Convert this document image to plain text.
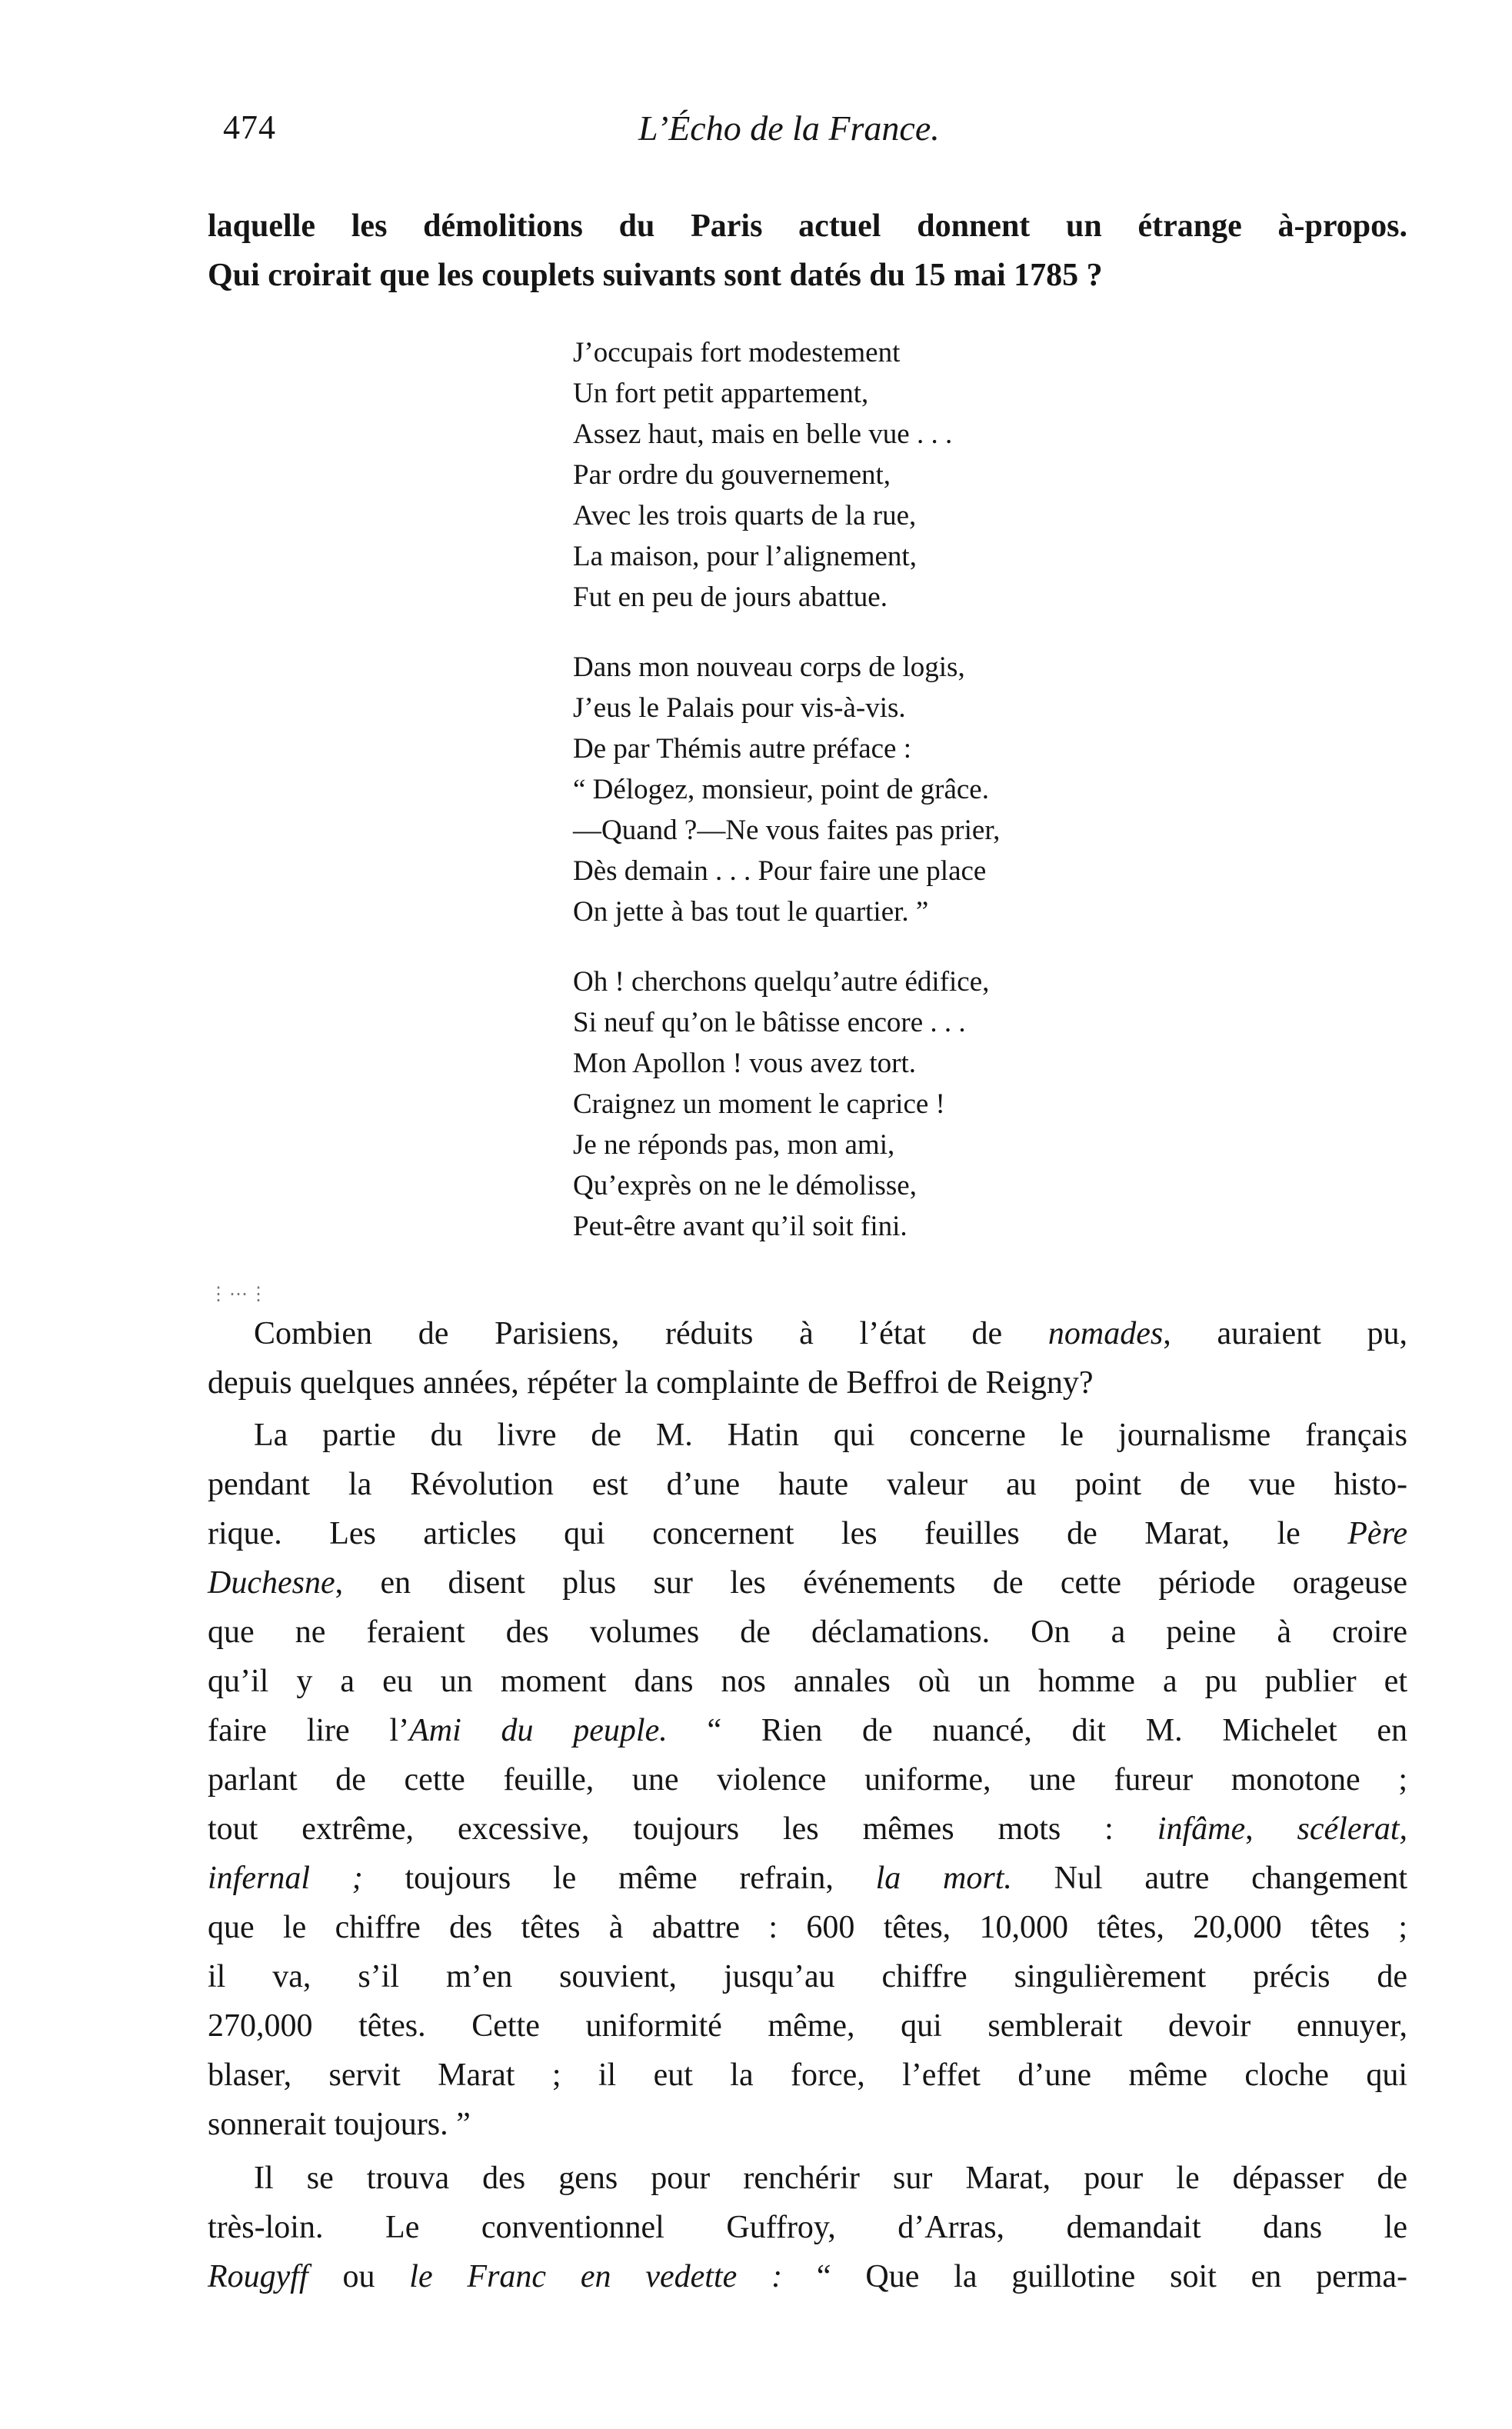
474	L’Écho de la France.
laquelle les démolitions du Paris actuel donnent un étrange à-propos.
Qui croirait que les couplets suivants sont datés du 15 mai 1785 ?
J’occupais fort modestement
Un fort petit appartement,
Assez haut, mais en belle vue . . .
Par ordre du gouvernement,
Avec les trois quarts de la rue,
La maison, pour l’alignement,
Fut en peu de jours abattue.
Dans mon nouveau corps de logis,
J’eus le Palais pour vis-à-vis.
De par Thémis autre préface :
“ Délogez, monsieur, point de grâce.
—Quand ?—Ne vous faites pas prier,
Dès demain . . . Pour faire une place
On jette à bas tout le quartier. ”
Oh ! cherchons quelqu’autre édifice,
Si neuf qu’on le bâtisse encore . . .
Mon Apollon ! vous avez tort.
Craignez un moment le caprice !
Je ne réponds pas, mon ami,
Qu’exprès on ne le démolisse,
Peut-être avant qu’il soit fini.
⋮⋯⋮
Combien de Parisiens, réduits à l’état de nomades, auraient pu,
depuis quelques années, répéter la complainte de Beffroi de Reigny?
La partie du livre de M. Hatin qui concerne le journalisme français
pendant la Révolution est d’une haute valeur au point de vue histo-
rique. Les articles qui concernent les feuilles de Marat, le Père
Duchesne, en disent plus sur les événements de cette période orageuse
que ne feraient des volumes de déclamations. On a peine à croire
qu’il y a eu un moment dans nos annales où un homme a pu publier et
faire lire l’Ami du peuple. “ Rien de nuancé, dit M. Michelet en
parlant de cette feuille, une violence uniforme, une fureur monotone ;
tout extrême, excessive, toujours les mêmes mots : infâme, scélerat,
infernal ; toujours le même refrain, la mort. Nul autre changement
que le chiffre des têtes à abattre : 600 têtes, 10,000 têtes, 20,000 têtes ;
il va, s’il m’en souvient, jusqu’au chiffre singulièrement précis de
270,000 têtes. Cette uniformité même, qui semblerait devoir ennuyer,
blaser, servit Marat ; il eut la force, l’effet d’une même cloche qui
sonnerait toujours. ”
Il se trouva des gens pour renchérir sur Marat, pour le dépasser de
très-loin. Le conventionnel Guffroy, d’Arras, demandait dans le
Rougyff ou le Franc en vedette : “ Que la guillotine soit en perma-
